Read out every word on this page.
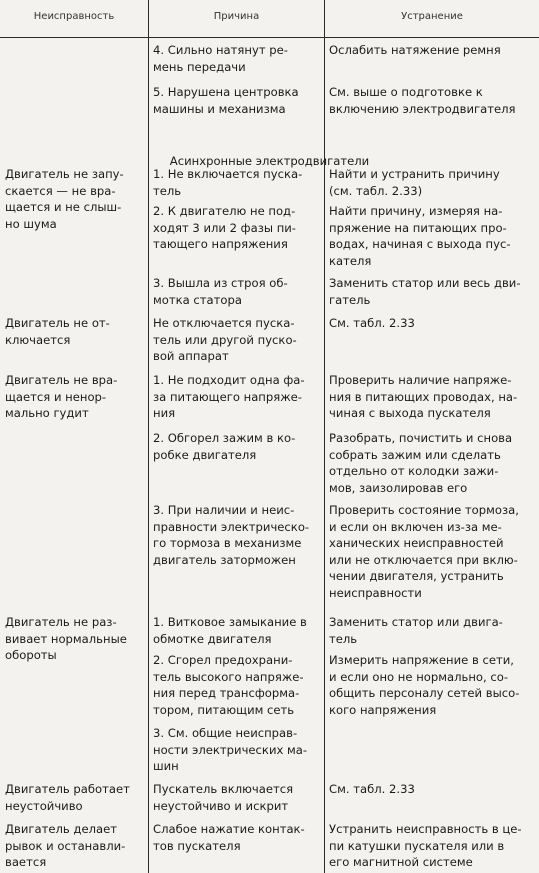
Неисправность	Причина	Устранение
4. Сильно натянут ре-
мень передачи
Ослабить натяжение ремня
5. Нарушена центровка
машины и механизма
См. выше о подготовке к
включению электродвигателя
Асинхронные электродвигатели
Двигатель не запу-
скается — не вра-
щается и не слыш-
но шума
1. Не включается пуска-
тель
Найти и устранить причину
(см. табл. 2.33)
2. К двигателю не под-
ходят 3 или 2 фазы пи-
тающего напряжения
Найти причину, измеряя на-
пряжение на питающих про-
водах, начиная с выхода пус-
кателя
3. Вышла из строя об-
мотка статора
Заменить статор или весь дви-
гатель
Двигатель не от-
ключается
Не отключается пуска-
тель или другой пуско-
вой аппарат
См. табл. 2.33
Двигатель не вра-
щается и ненор-
мально гудит
1. Не подходит одна фа-
за питающего напряже-
ния
Проверить наличие напряже-
ния в питающих проводах, на-
чиная с выхода пускателя
2. Обгорел зажим в ко-
робке двигателя
Разобрать, почистить и снова
собрать зажим или сделать
отдельно от колодки зажи-
мов, заизолировав его
3. При наличии и неис-
правности электрическо-
го тормоза в механизме
двигатель заторможен
Проверить состояние тормоза,
и если он включен из-за ме-
ханических неисправностей
или не отключается при вклю-
чении двигателя, устранить
неисправности
Двигатель не раз-
вивает нормальные
обороты
1. Витковое замыкание в
обмотке двигателя
Заменить статор или двига-
тель
2. Сгорел предохрани-
тель высокого напряже-
ния перед трансформа-
тором, питающим сеть
Измерить напряжение в сети,
и если оно не нормально, со-
общить персоналу сетей высо-
кого напряжения
3. См. общие неисправ-
ности электрических ма-
шин
Двигатель работает
неустойчиво
Пускатель включается
неустойчиво и искрит
См. табл. 2.33
Двигатель делает
рывок и останавли-
вается
Слабое нажатие контак-
тов пускателя
Устранить неисправность в це-
пи катушки пускателя или в
его магнитной системе
